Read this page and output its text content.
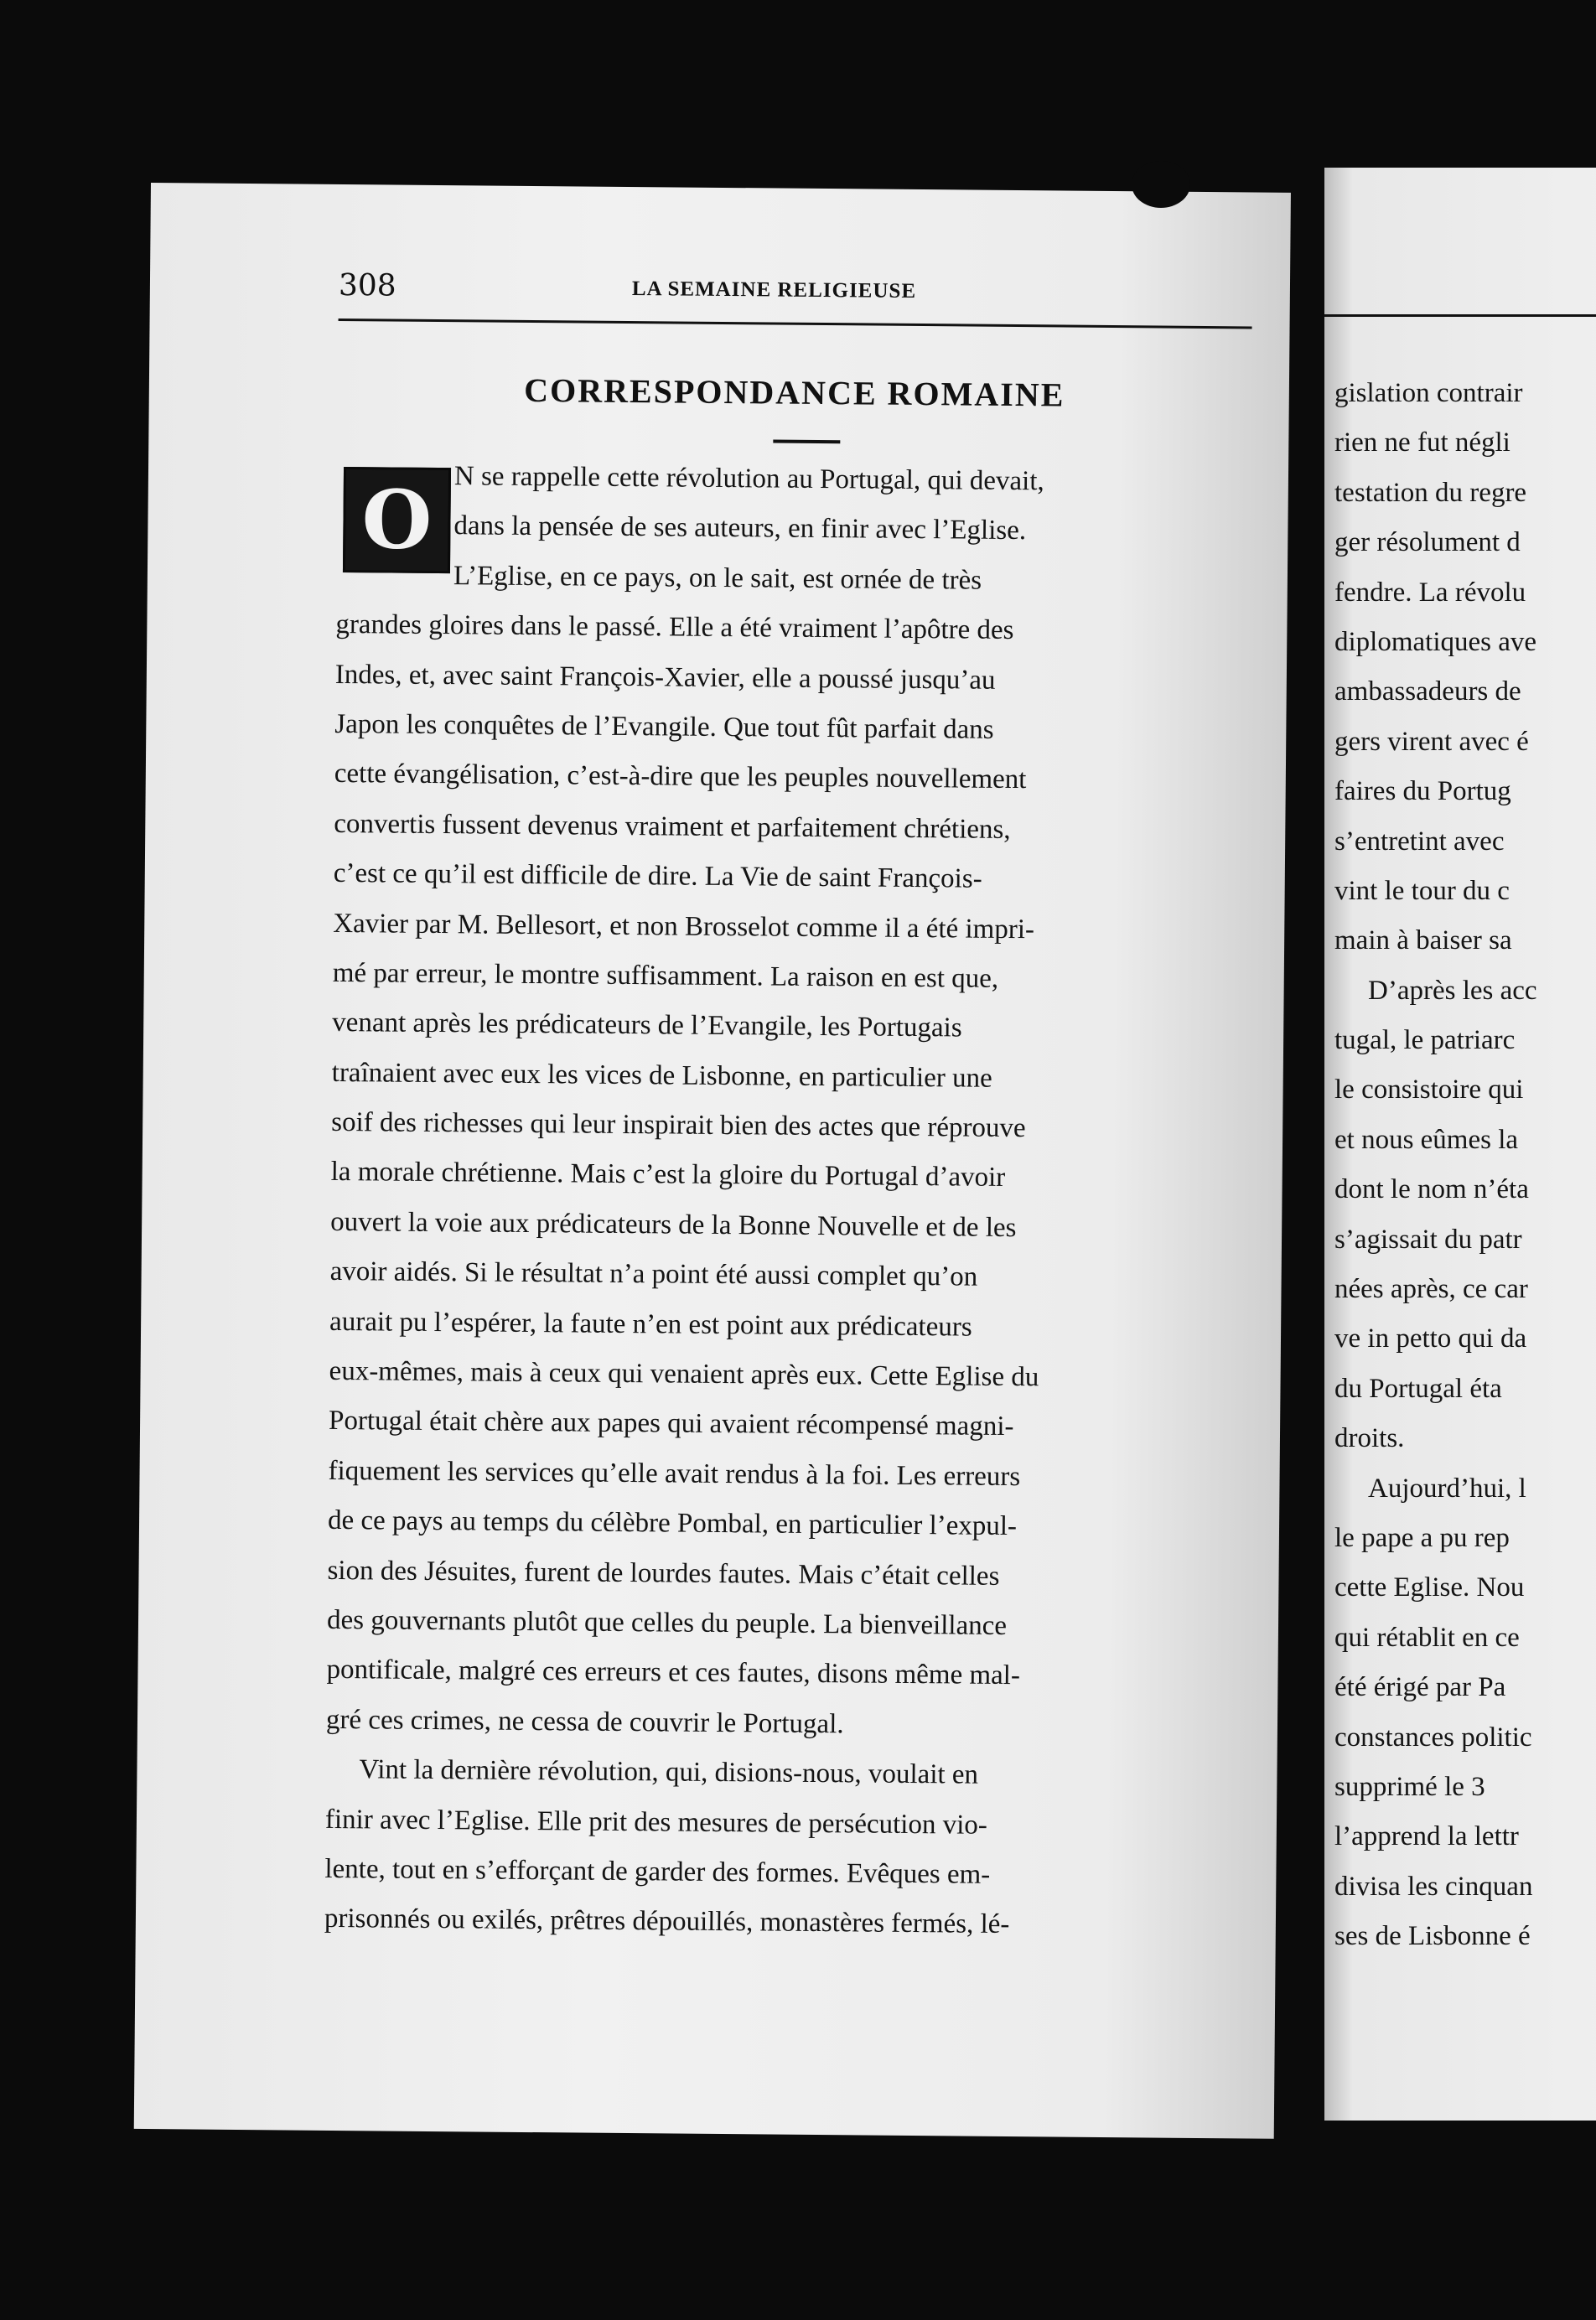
308	LA SEMAINE RELIGIEUSE
CORRESPONDANCE ROMAINE
O N se rappelle cette révolution au Portugal, qui devait,
dans la pensée de ses auteurs, en finir avec l’Eglise.
L’Eglise, en ce pays, on le sait, est ornée de très
grandes gloires dans le passé. Elle a été vraiment l’apôtre des
Indes, et, avec saint François-Xavier, elle a poussé jusqu’au
Japon les conquêtes de l’Evangile. Que tout fût parfait dans
cette évangélisation, c’est-à-dire que les peuples nouvellement
convertis fussent devenus vraiment et parfaitement chrétiens,
c’est ce qu’il est difficile de dire. La Vie de saint François-
Xavier par M. Bellesort, et non Brosselot comme il a été impri-
mé par erreur, le montre suffisamment. La raison en est que,
venant après les prédicateurs de l’Evangile, les Portugais
traînaient avec eux les vices de Lisbonne, en particulier une
soif des richesses qui leur inspirait bien des actes que réprouve
la morale chrétienne. Mais c’est la gloire du Portugal d’avoir
ouvert la voie aux prédicateurs de la Bonne Nouvelle et de les
avoir aidés. Si le résultat n’a point été aussi complet qu’on
aurait pu l’espérer, la faute n’en est point aux prédicateurs
eux-mêmes, mais à ceux qui venaient après eux. Cette Eglise du
Portugal était chère aux papes qui avaient récompensé magni-
fiquement les services qu’elle avait rendus à la foi. Les erreurs
de ce pays au temps du célèbre Pombal, en particulier l’expul-
sion des Jésuites, furent de lourdes fautes. Mais c’était celles
des gouvernants plutôt que celles du peuple. La bienveillance
pontificale, malgré ces erreurs et ces fautes, disons même mal-
gré ces crimes, ne cessa de couvrir le Portugal.
Vint la dernière révolution, qui, disions-nous, voulait en
finir avec l’Eglise. Elle prit des mesures de persécution vio-
lente, tout en s’efforçant de garder des formes. Evêques em-
prisonnés ou exilés, prêtres dépouillés, monastères fermés, lé-
gislation contrair
rien ne fut négli
testation du regre
ger résolument d
fendre. La révolu
diplomatiques ave
ambassadeurs de
gers virent avec é
faires du Portug
s’entretint avec
vint le tour du c
main à baiser sa
D’après les acc
tugal, le patriarc
le consistoire qui
et nous eûmes la
dont le nom n’éta
s’agissait du patr
nées après, ce car
ve in petto qui da
du Portugal éta
droits.
Aujourd’hui, l
le pape a pu rep
cette Eglise. Nou
qui rétablit en ce
été érigé par Pa
constances politic
supprimé le 3
l’apprend la lettr
divisa les cinquan
ses de Lisbonne é
